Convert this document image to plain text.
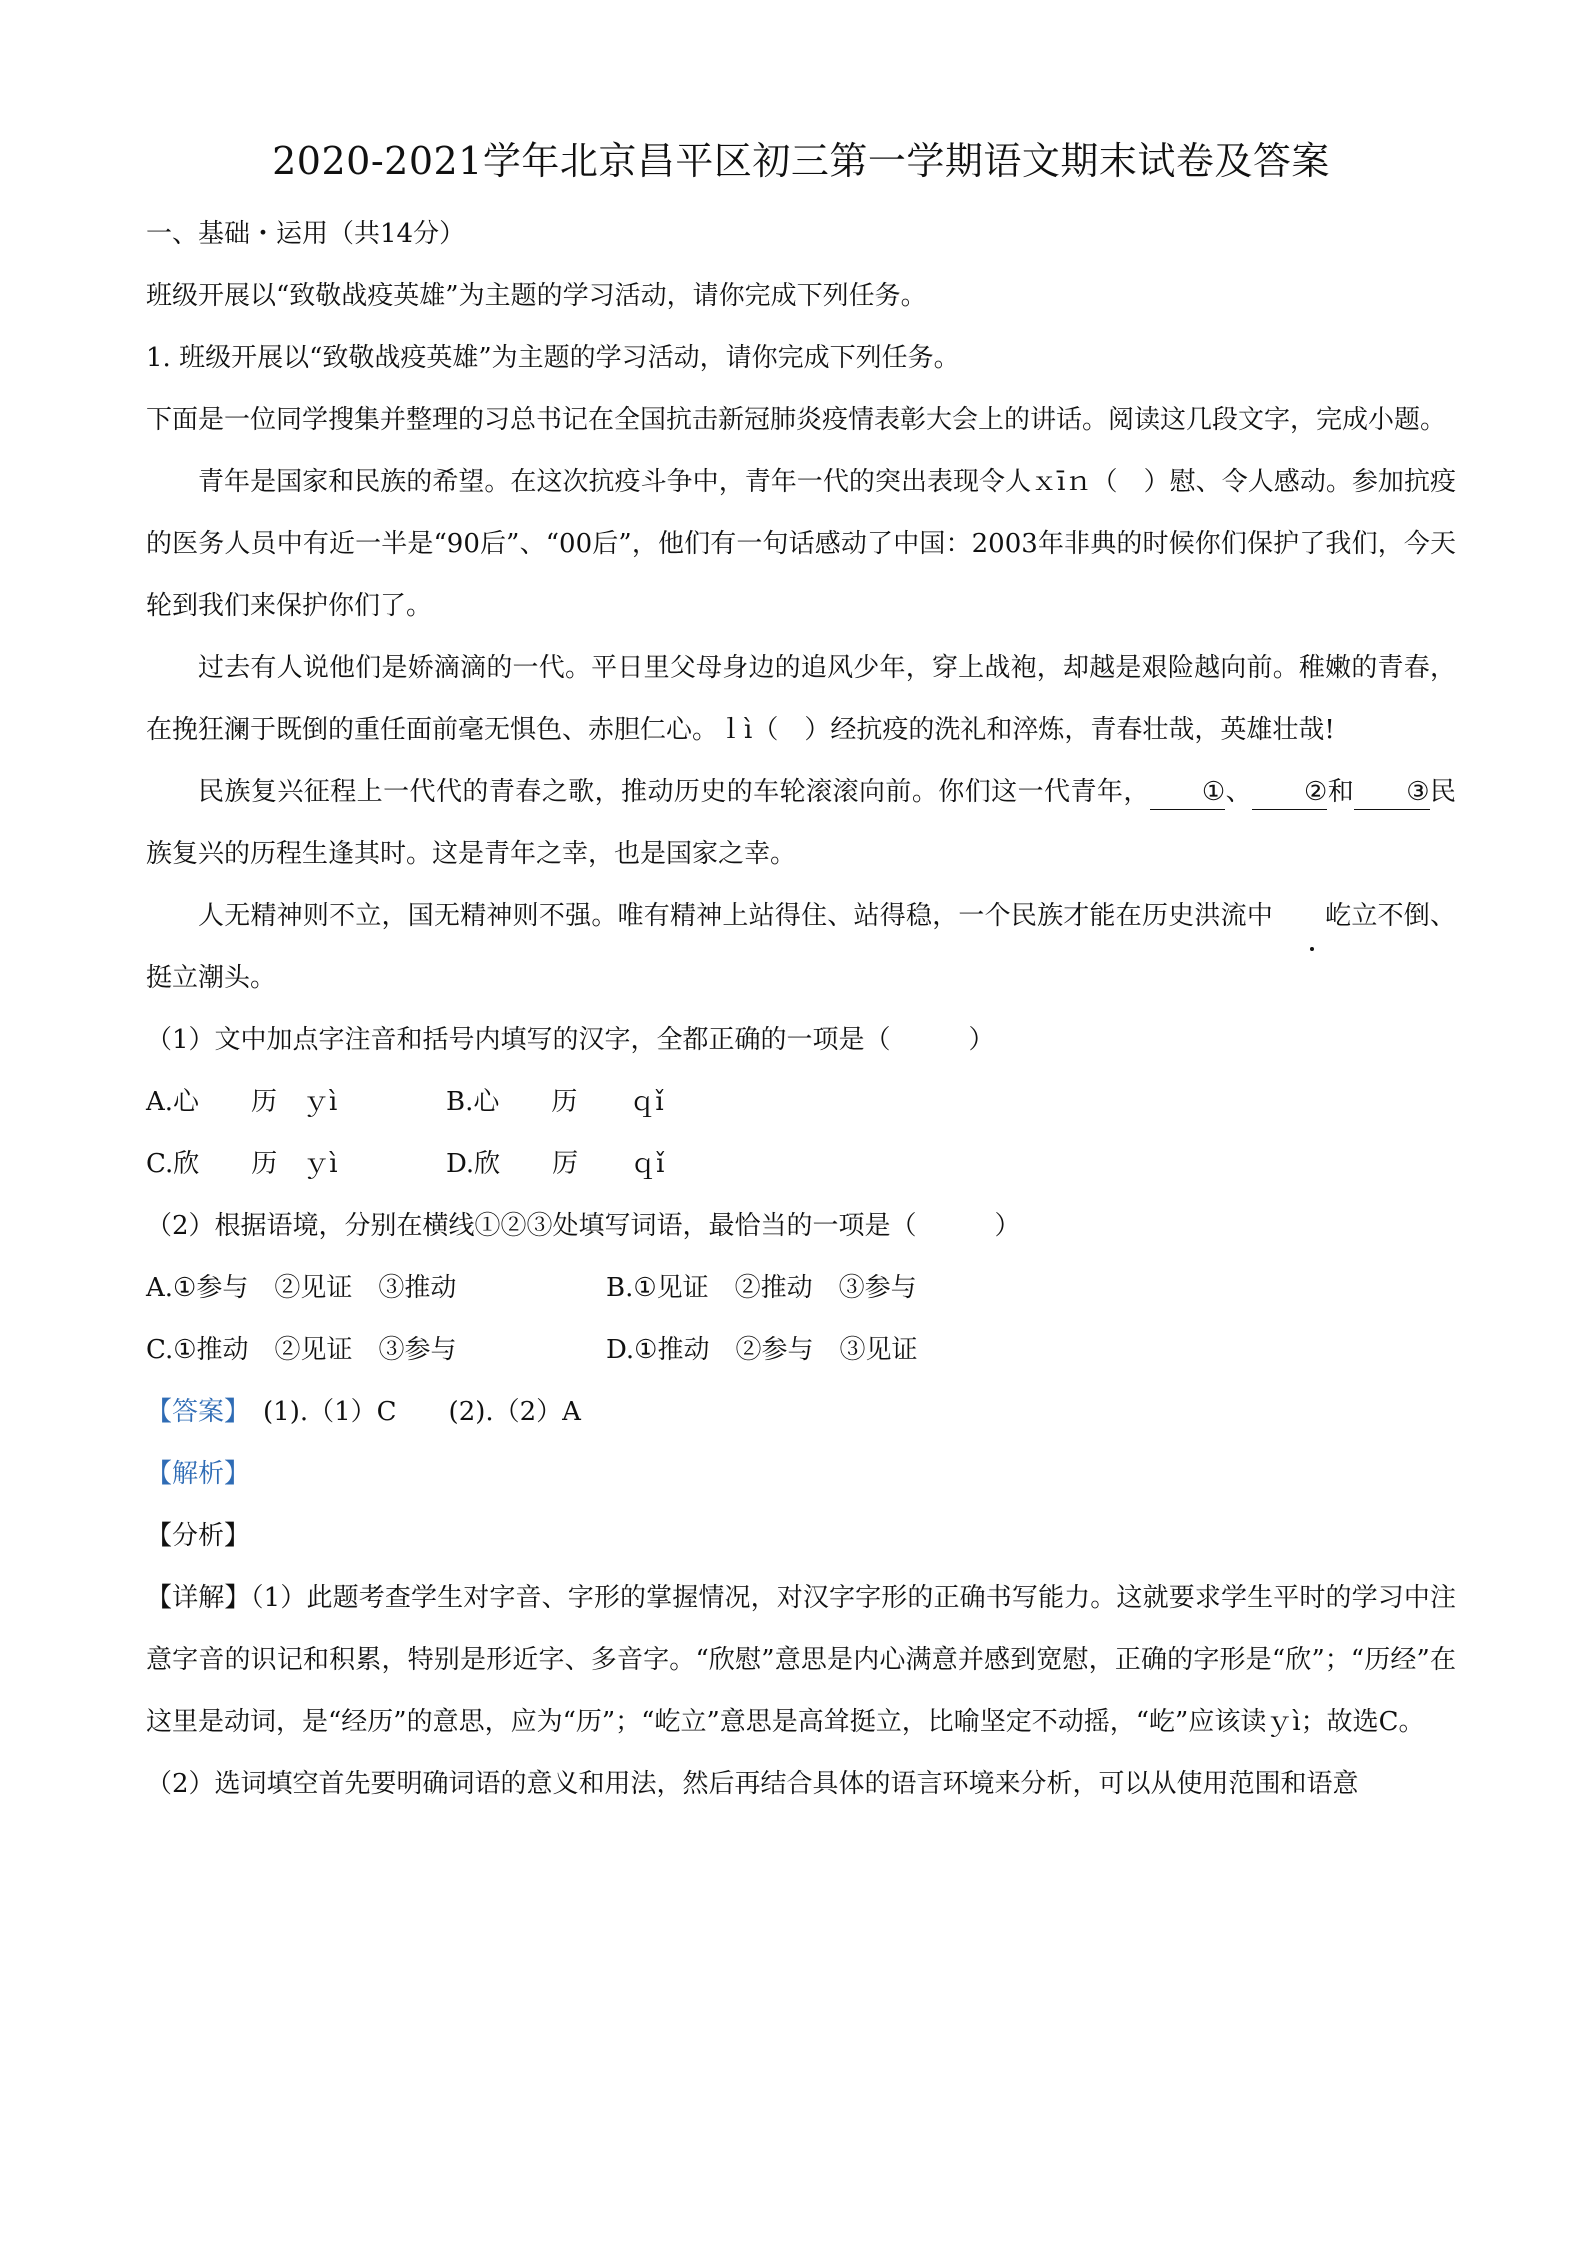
2020-2021学年北京昌平区初三第一学期语文期末试卷及答案

一、基础・运用（共14分）

班级开展以“致敬战疫英雄”为主题的学习活动，请你完成下列任务。

1. 班级开展以“致敬战疫英雄”为主题的学习活动，请你完成下列任务。

下面是一位同学搜集并整理的习总书记在全国抗击新冠肺炎疫情表彰大会上的讲话。阅读这几段文字，完成小题。

青年是国家和民族的希望。在这次抗疫斗争中，青年一代的突出表现令人ｘīｎ（　）慰、令人感动。参加抗疫的医务人员中有近一半是“90后”、“00后”，他们有一句话感动了中国：2003年非典的时候你们保护了我们，今天轮到我们来保护你们了。

过去有人说他们是娇滴滴的一代。平日里父母身边的追风少年，穿上战袍，却越是艰险越向前。稚嫩的青春，在挽狂澜于既倒的重任面前毫无惧色、赤胆仁心。ｌì（　）经抗疫的洗礼和淬炼，青春壮哉，英雄壮哉!

民族复兴征程上一代代的青春之歌，推动历史的车轮滚滚向前。你们这一代青年， ①、 ②和 ③民族复兴的历程生逢其时。这是青年之幸，也是国家之幸。

人无精神则不立，国无精神则不强。唯有精神上站得住、站得稳，一个民族才能在历史洪流中 屹立不倒、挺立潮头。

（1）文中加点字注音和括号内填写的汉字，全都正确的一项是（　　　）

A.心　　历　ｙì	B.心　　历　　ｑǐ
C.欣　　历　ｙì	D.欣　　厉　　ｑǐ

（2）根据语境，分别在横线①②③处填写词语，最恰当的一项是（　　　）

A.①参与　②见证　③推动	B.①见证　②推动　③参与
C.①推动　②见证　③参与	D.①推动　②参与　③见证

【答案】　(1).（1）C　　(2).（2）A

【解析】

【分析】

【详解】（1）此题考查学生对字音、字形的掌握情况，对汉字字形的正确书写能力。这就要求学生平时的学习中注意字音的识记和积累，特别是形近字、多音字。“欣慰”意思是内心满意并感到宽慰，正确的字形是“欣”；“历经”在这里是动词，是“经历”的意思，应为“历”；“屹立”意思是高耸挺立，比喻坚定不动摇，“屹”应该读ｙì；故选C。

（2）选词填空首先要明确词语的意义和用法，然后再结合具体的语言环境来分析，可以从使用范围和语意
